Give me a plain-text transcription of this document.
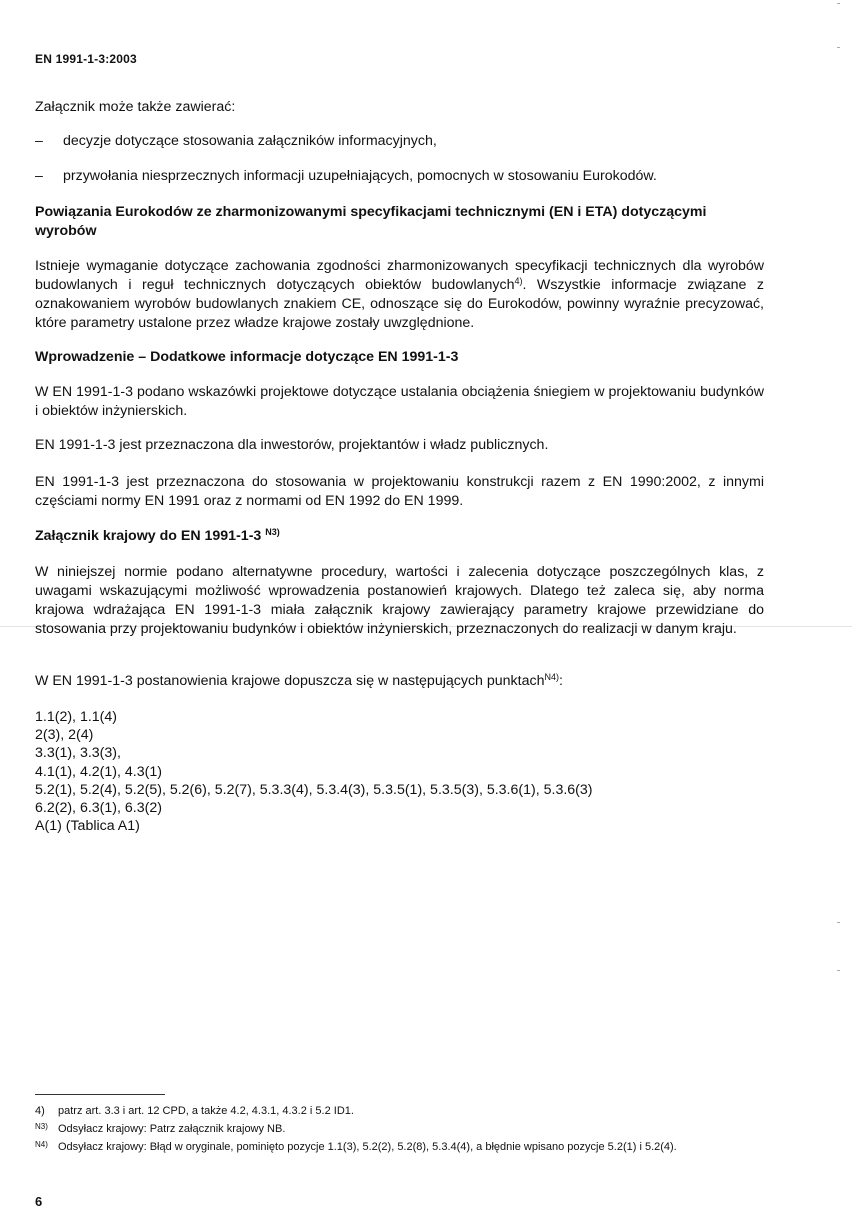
EN 1991-1-3:2003
Załącznik może także zawierać:
– decyzje dotyczące stosowania załączników informacyjnych,
– przywołania niesprzecznych informacji uzupełniających, pomocnych w stosowaniu Eurokodów.
Powiązania Eurokodów ze zharmonizowanymi specyfikacjami technicznymi (EN i ETA) dotyczącymi wyrobów
Istnieje wymaganie dotyczące zachowania zgodności zharmonizowanych specyfikacji technicznych dla wyrobów budowlanych i reguł technicznych dotyczących obiektów budowlanych$^{4)}$. Wszystkie informacje związane z oznakowaniem wyrobów budowlanych znakiem CE, odnoszące się do Eurokodów, powinny wyraźnie precyzować, które parametry ustalone przez władze krajowe zostały uwzględnione.
Wprowadzenie – Dodatkowe informacje dotyczące EN 1991-1-3
W EN 1991-1-3 podano wskazówki projektowe dotyczące ustalania obciążenia śniegiem w projektowaniu budynków i obiektów inżynierskich.
EN 1991-1-3 jest przeznaczona dla inwestorów, projektantów i władz publicznych.
EN 1991-1-3 jest przeznaczona do stosowania w projektowaniu konstrukcji razem z EN 1990:2002, z innymi częściami normy EN 1991 oraz z normami od EN 1992 do EN 1999.
Załącznik krajowy do EN 1991-1-3 $^{N3)}$
W niniejszej normie podano alternatywne procedury, wartości i zalecenia dotyczące poszczególnych klas, z uwagami wskazującymi możliwość wprowadzenia postanowień krajowych. Dlatego też zaleca się, aby norma krajowa wdrażająca EN 1991-1-3 miała załącznik krajowy zawierający parametry krajowe przewidziane do stosowania przy projektowaniu budynków i obiektów inżynierskich, przeznaczonych do realizacji w danym kraju.
W EN 1991-1-3 postanowienia krajowe dopuszcza się w następujących punktach$^{N4)}$:
1.1(2), 1.1(4)
2(3), 2(4)
3.3(1), 3.3(3),
4.1(1), 4.2(1), 4.3(1)
5.2(1), 5.2(4), 5.2(5), 5.2(6), 5.2(7), 5.3.3(4), 5.3.4(3), 5.3.5(1), 5.3.5(3), 5.3.6(1), 5.3.6(3)
6.2(2), 6.3(1), 6.3(2)
A(1) (Tablica A1)
4) patrz art. 3.3 i art. 12 CPD, a także 4.2, 4.3.1, 4.3.2 i 5.2 ID1.
$^{N3)}$ Odsyłacz krajowy: Patrz załącznik krajowy NB.
$^{N4)}$ Odsyłacz krajowy: Błąd w oryginale, pominięto pozycje 1.1(3), 5.2(2), 5.2(8), 5.3.4(4), a błędnie wpisano pozycje 5.2(1) i 5.2(4).
6
